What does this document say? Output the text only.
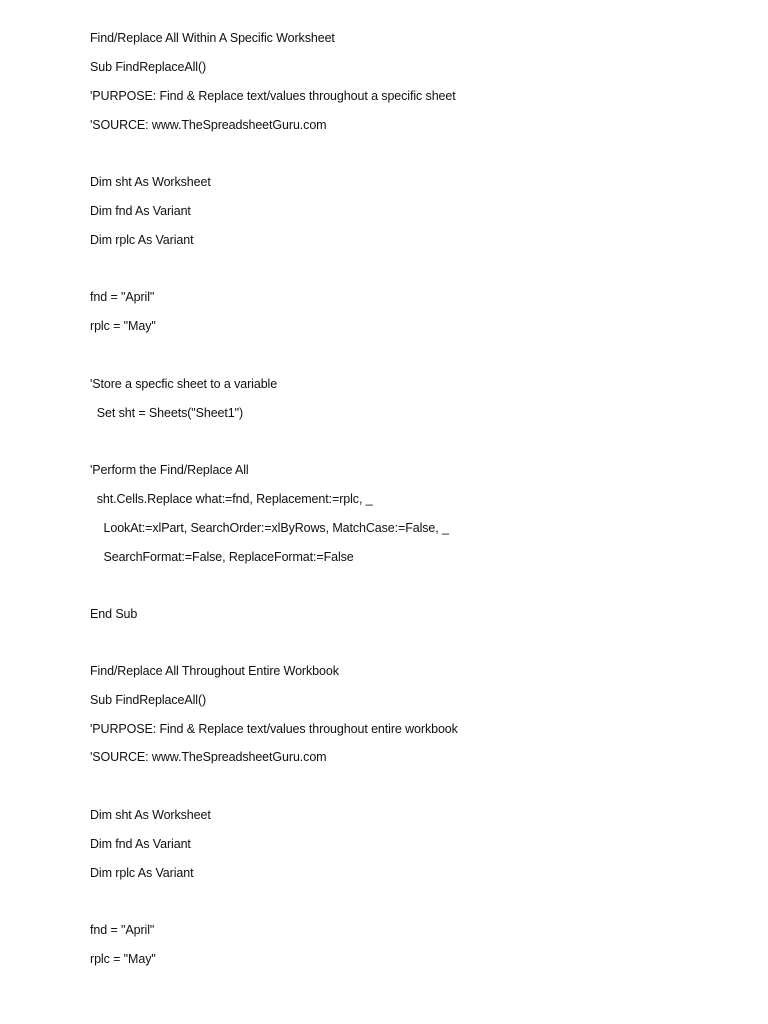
Find/Replace All Within A Specific Worksheet
Sub FindReplaceAll()
'PURPOSE: Find & Replace text/values throughout a specific sheet
'SOURCE: www.TheSpreadsheetGuru.com
Dim sht As Worksheet
Dim fnd As Variant
Dim rplc As Variant
fnd = "April"
rplc = "May"
'Store a specfic sheet to a variable
Set sht = Sheets("Sheet1")
'Perform the Find/Replace All
sht.Cells.Replace what:=fnd, Replacement:=rplc, _
LookAt:=xlPart, SearchOrder:=xlByRows, MatchCase:=False, _
SearchFormat:=False, ReplaceFormat:=False
End Sub
Find/Replace All Throughout Entire Workbook
Sub FindReplaceAll()
'PURPOSE: Find & Replace text/values throughout entire workbook
'SOURCE: www.TheSpreadsheetGuru.com
Dim sht As Worksheet
Dim fnd As Variant
Dim rplc As Variant
fnd = "April"
rplc = "May"
